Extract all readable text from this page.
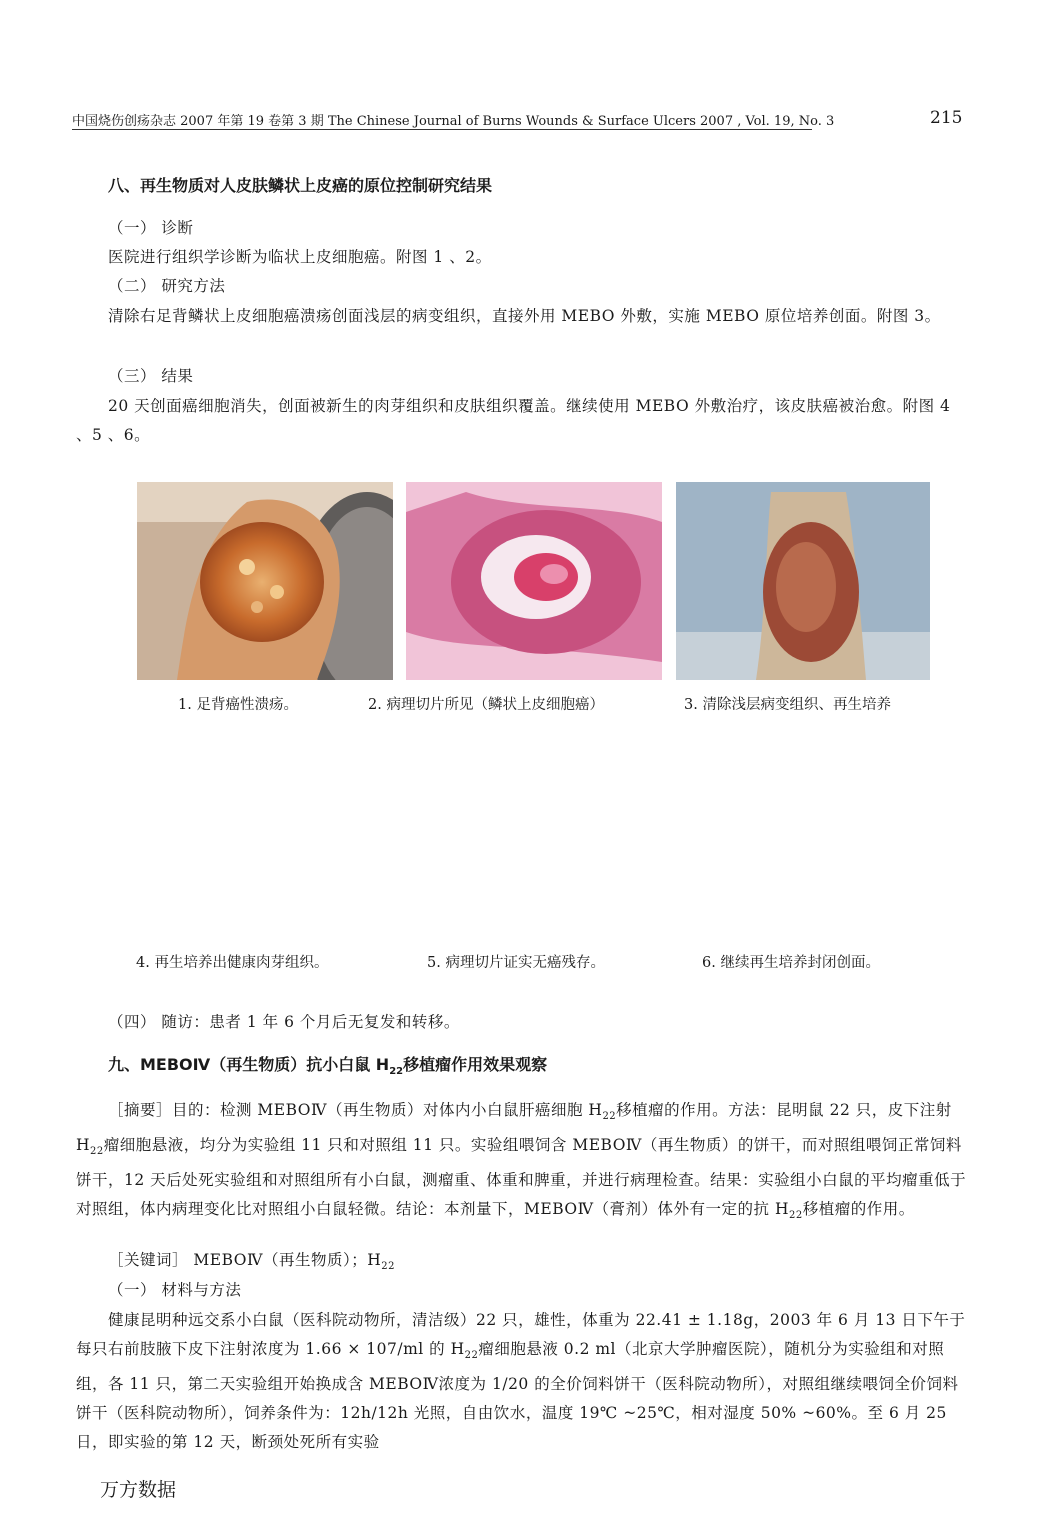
中国烧伤创疡杂志 2007 年第 19 卷第 3 期 The Chinese Journal of Burns Wounds & Surface Ulcers 2007 , Vol. 19, No. 3	215
八、再生物质对人皮肤鳞状上皮癌的原位控制研究结果
（一） 诊断
医院进行组织学诊断为临状上皮细胞癌。附图 1 、2。
（二） 研究方法
清除右足背鳞状上皮细胞癌溃疡创面浅层的病变组织，直接外用 MEBO 外敷，实施 MEBO 原位培养创面。附图 3。
（三） 结果
20 天创面癌细胞消失，创面被新生的肉芽组织和皮肤组织覆盖。继续使用 MEBO 外敷治疗，该皮肤癌被治愈。附图 4 、5 、6。
1. 足背癌性溃疡。	2. 病理切片所见（鳞状上皮细胞癌）	3. 清除浅层病变组织、再生培养
4. 再生培养出健康肉芽组织。	5. 病理切片证实无癌残存。	6. 继续再生培养封闭创面。
（四） 随访：患者 1 年 6 个月后无复发和转移。
九、MEBOⅣ（再生物质）抗小白鼠 $H_{22}$移植瘤作用效果观察
［摘要］目的：检测 MEBOⅣ（再生物质）对体内小白鼠肝癌细胞 $H_{22}$移植瘤的作用。方法：昆明鼠 22 只，皮下注射 $H_{22}$瘤细胞悬液，均分为实验组 11 只和对照组 11 只。实验组喂饲含 MEBOⅣ（再生物质）的饼干，而对照组喂饲正常饲料饼干，12 天后处死实验组和对照组所有小白鼠，测瘤重、体重和脾重，并进行病理检查。结果：实验组小白鼠的平均瘤重低于对照组，体内病理变化比对照组小白鼠轻微。结论：本剂量下，MEBOⅣ（膏剂）体外有一定的抗 $H_{22}$移植瘤的作用。
［关键词］ MEBOⅣ（再生物质）；$H_{22}$
（一） 材料与方法
健康昆明种远交系小白鼠（医科院动物所，清洁级）22 只，雄性，体重为 22.41 ± 1.18g，2003 年 6 月 13 日下午于每只右前肢腋下皮下注射浓度为 1.66 × 107/ml 的 $H_{22}$瘤细胞悬液 0.2 ml（北京大学肿瘤医院），随机分为实验组和对照组，各 11 只，第二天实验组开始换成含 MEBOⅣ浓度为 1/20 的全价饲料饼干（医科院动物所），对照组继续喂饲全价饲料饼干（医科院动物所），饲养条件为：12h/12h 光照，自由饮水，温度 19℃ ~25℃，相对湿度 50% ~60%。至 6 月 25 日，即实验的第 12 天，断颈处死所有实验
万方数据
